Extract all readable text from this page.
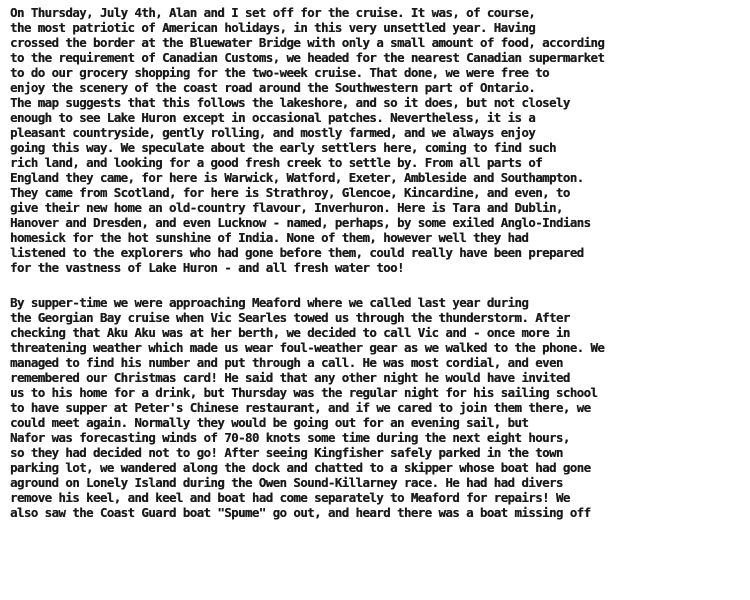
On Thursday, July 4th, Alan and I set off for the cruise. It was, of course,
the most patriotic of American holidays, in this very unsettled year. Having
crossed the border at the Bluewater Bridge with only a small amount of food, according
to the requirement of Canadian Customs, we headed for the nearest Canadian supermarket
to do our grocery shopping for the two-week cruise. That done, we were free to
enjoy the scenery of the coast road around the Southwestern part of Ontario.
The map suggests that this follows the lakeshore, and so it does, but not closely
enough to see Lake Huron except in occasional patches. Nevertheless, it is a
pleasant countryside, gently rolling, and mostly farmed, and we always enjoy
going this way. We speculate about the early settlers here, coming to find such
rich land, and looking for a good fresh creek to settle by. From all parts of
England they came, for here is Warwick, Watford, Exeter, Ambleside and Southampton.
They came from Scotland, for here is Strathroy, Glencoe, Kincardine, and even, to
give their new home an old-country flavour, Inverhuron. Here is Tara and Dublin,
Hanover and Dresden, and even Lucknow - named, perhaps, by some exiled Anglo-Indians
homesick for the hot sunshine of India. None of them, however well they had
listened to the explorers who had gone before them, could really have been prepared
for the vastness of Lake Huron - and all fresh water too!
By supper-time we were approaching Meaford where we called last year during
the Georgian Bay cruise when Vic Searles towed us through the thunderstorm. After
checking that Aku Aku was at her berth, we decided to call Vic and - once more in
threatening weather which made us wear foul-weather gear as we walked to the phone. We
managed to find his number and put through a call. He was most cordial, and even
remembered our Christmas card! He said that any other night he would have invited
us to his home for a drink, but Thursday was the regular night for his sailing school
to have supper at Peter's Chinese restaurant, and if we cared to join them there, we
could meet again. Normally they would be going out for an evening sail, but
Nafor was forecasting winds of 70-80 knots some time during the next eight hours,
so they had decided not to go! After seeing Kingfisher safely parked in the town
parking lot, we wandered along the dock and chatted to a skipper whose boat had gone
aground on Lonely Island during the Owen Sound-Killarney race. He had had divers
remove his keel, and keel and boat had come separately to Meaford for repairs! We
also saw the Coast Guard boat "Spume" go out, and heard there was a boat missing off
